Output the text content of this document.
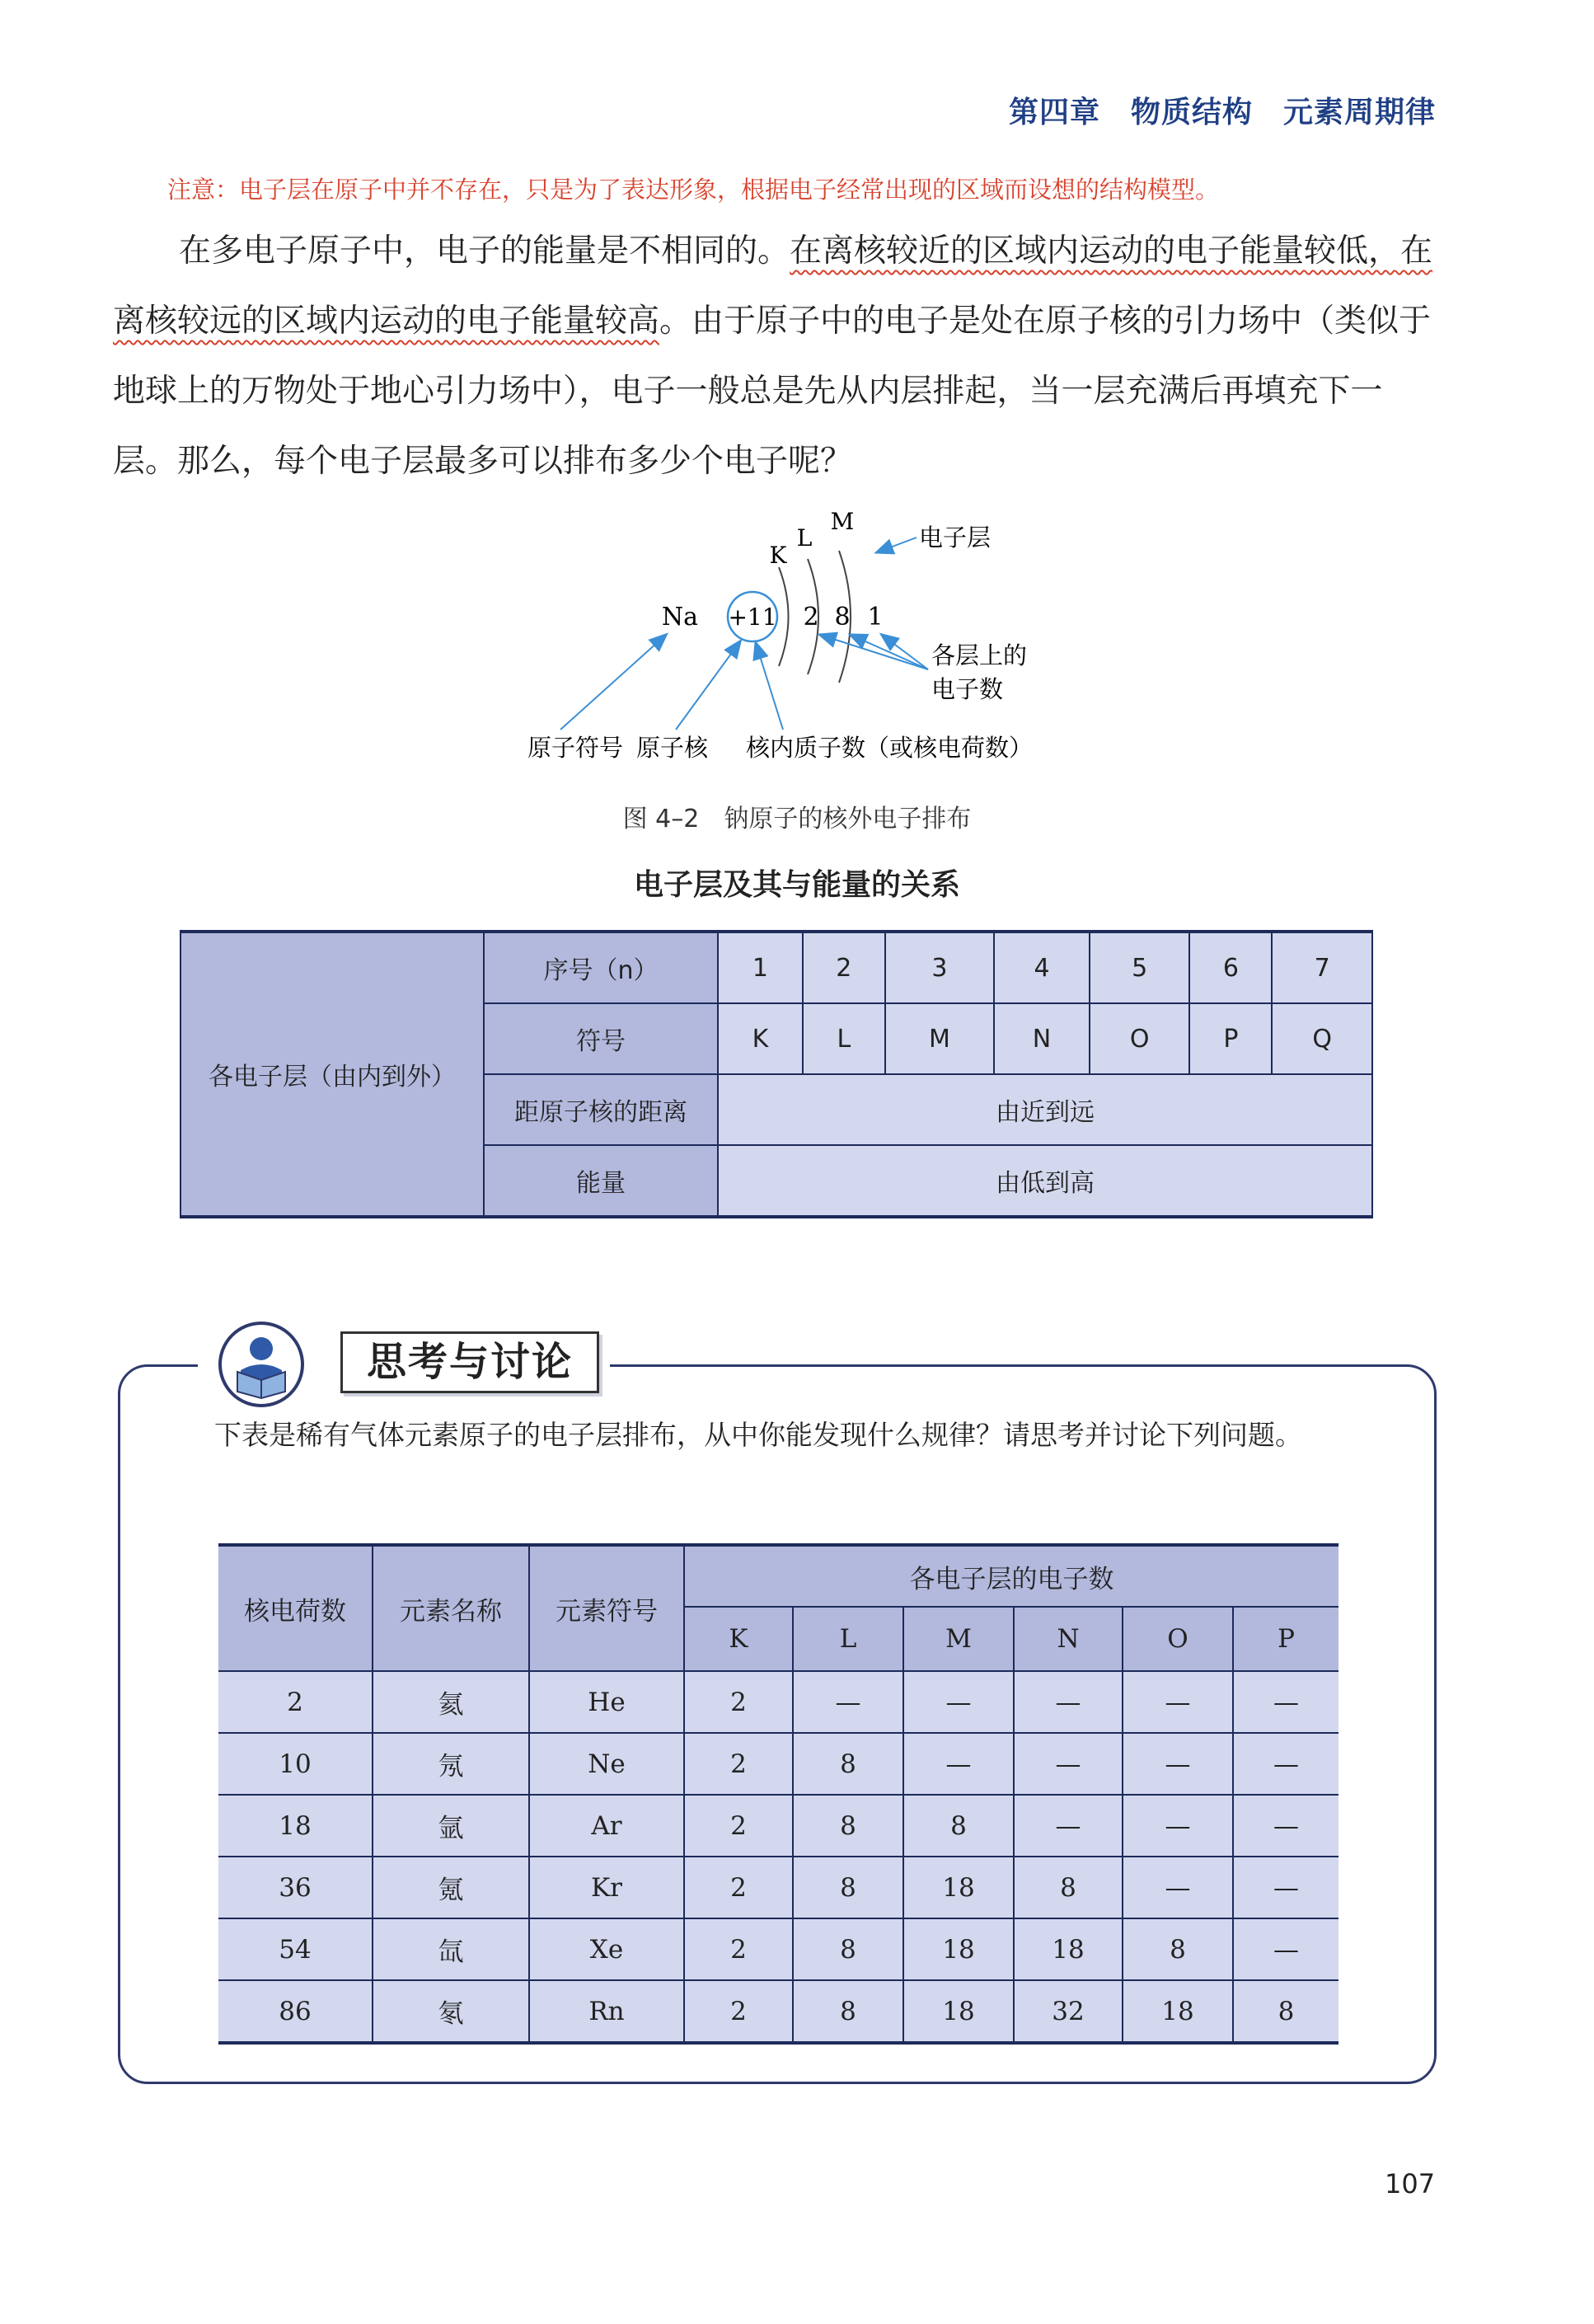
第四章　物质结构　元素周期律
注意：电子层在原子中并不存在，只是为了表达形象，根据电子经常出现的区域而设想的结构模型。
在多电子原子中，电子的能量是不相同的。在离核较近的区域内运动的电子能量较低，在离核较远的区域内运动的电子能量较高。由于原子中的电子是处在原子核的引力场中（类似于地球上的万物处于地心引力场中），电子一般总是先从内层排起，当一层充满后再填充下一层。那么，每个电子层最多可以排布多少个电子呢？
Na +11
K
L
M
2 8 1
电子层
各层上的
电子数
原子符号 原子核 核内质子数（或核电荷数）
图 4–2　钠原子的核外电子排布
电子层及其与能量的关系
各电子层（由内到外）	序号（n）	1	2	3	4	5	6	7
	符号	K	L	M	N	O	P	Q
	距原子核的距离	由近到远						
	能量	由低到高						
思考与讨论
下表是稀有气体元素原子的电子层排布，从中你能发现什么规律？请思考并讨论下列问题。
核电荷数	元素名称	元素符号	各电子层的电子数					
			K	L	M	N	O	P
2	氦	He	2	—	—	—	—	—
10	氖	Ne	2	8	—	—	—	—
18	氩	Ar	2	8	8	—	—	—
36	氪	Kr	2	8	18	8	—	—
54	氙	Xe	2	8	18	18	8	—
86	氡	Rn	2	8	18	32	18	8
107
